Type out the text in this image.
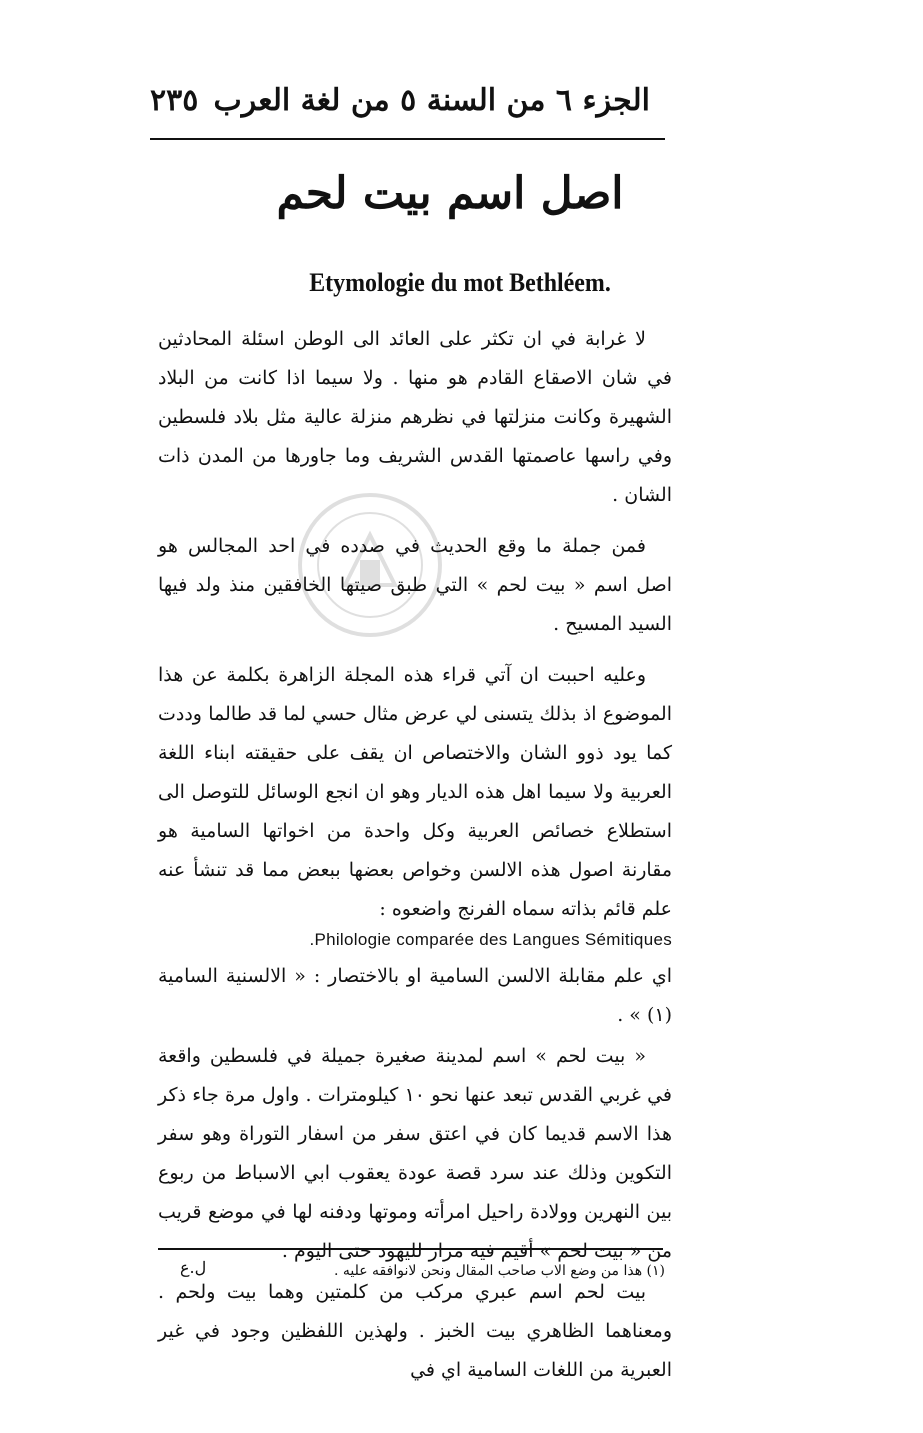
الجزء ٦ من السنة ٥ من لغة العرب
٢٣٥
اصل اسم بيت لحم
Etymologie du mot Bethléem.

لا غرابة في ان تكثر على العائد الى الوطن اسئلة المحادثين في شان الاصقاع القادم هو منها . ولا سيما اذا كانت من البلاد الشهيرة وكانت منزلتها في نظرهم منزلة عالية مثل بلاد فلسطين وفي راسها عاصمتها القدس الشريف وما جاورها من المدن ذات الشان .

فمن جملة ما وقع الحديث في صدده في احد المجالس هو اصل اسم « بيت لحم » التي طبق صيتها الخافقين منذ ولد فيها السيد المسيح .

وعليه احببت ان آتي قراء هذه المجلة الزاهرة بكلمة عن هذا الموضوع اذ بذلك يتسنى لي عرض مثال حسي لما قد طالما وددت كما يود ذوو الشان والاختصاص ان يقف على حقيقته ابناء اللغة العربية ولا سيما اهل هذه الديار وهو ان انجع الوسائل للتوصل الى استطلاع خصائص العربية وكل واحدة من اخواتها السامية هو مقارنة اصول هذه الالسن وخواص بعضها ببعض مما قد تنشأ عنه علم قائم بذاته سماه الفرنج واضعوه :

.Philologie comparée des Langues Sémitiques

اي علم مقابلة الالسن السامية او بالاختصار : « الالسنية السامية (١) » .

« بيت لحم » اسم لمدينة صغيرة جميلة في فلسطين واقعة في غربي القدس تبعد عنها نحو ١٠ كيلومترات . واول مرة جاء ذكر هذا الاسم قديما كان في اعتق سفر من اسفار التوراة وهو سفر التكوين وذلك عند سرد قصة عودة يعقوب ابي الاسباط من ربوع بين النهرين وولادة راحيل امرأته وموتها ودفنه لها في موضع قريب من « بيت لحم » أقيم فيه مزار لليهود حتى اليوم .

بيت لحم اسم عبري مركب من كلمتين وهما بيت ولحم . ومعناهما الظاهري بيت الخبز . ولهذين اللفظين وجود في غير العبرية من اللغات السامية اي في

(١) هذا من وضع الاب صاحب المقال ونحن لانوافقه عليه .
ل.ع
